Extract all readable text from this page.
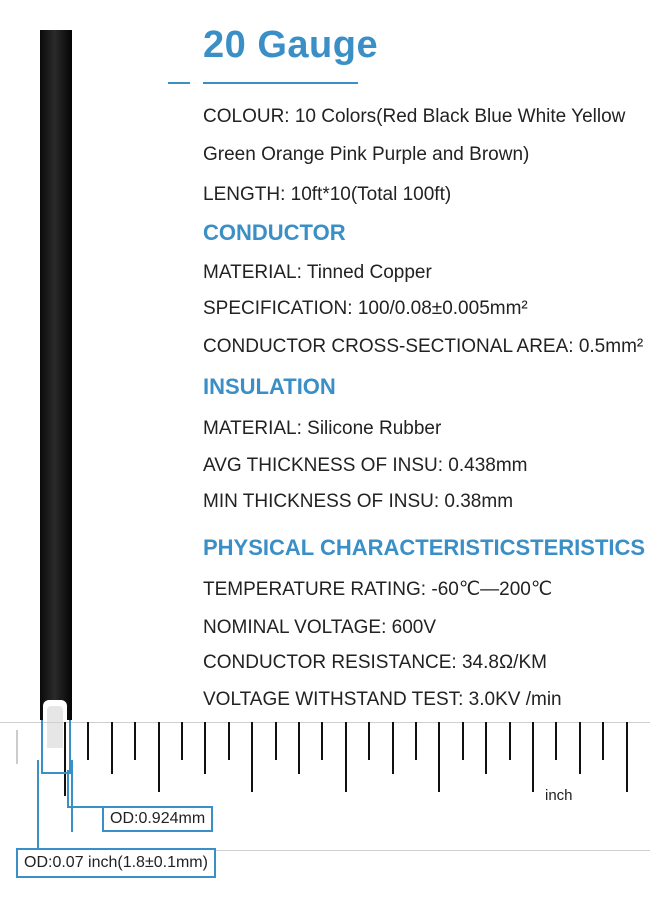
20 Gauge
COLOUR: 10 Colors(Red Black Blue White Yellow
Green Orange Pink Purple and Brown)
LENGTH: 10ft*10(Total 100ft)
CONDUCTOR
MATERIAL: Tinned Copper
SPECIFICATION: 100/0.08±0.005mm²
CONDUCTOR CROSS-SECTIONAL AREA: 0.5mm²
INSULATION
MATERIAL: Silicone Rubber
AVG THICKNESS OF INSU: 0.438mm
MIN THICKNESS OF INSU: 0.38mm
PHYSICAL CHARACTERISTICSTERISTICS
TEMPERATURE RATING: -60℃—200℃
NOMINAL VOLTAGE: 600V
CONDUCTOR RESISTANCE: 34.8Ω/KM
VOLTAGE WITHSTAND TEST: 3.0KV /min
inch
OD:0.924mm
OD:0.07 inch(1.8±0.1mm)
